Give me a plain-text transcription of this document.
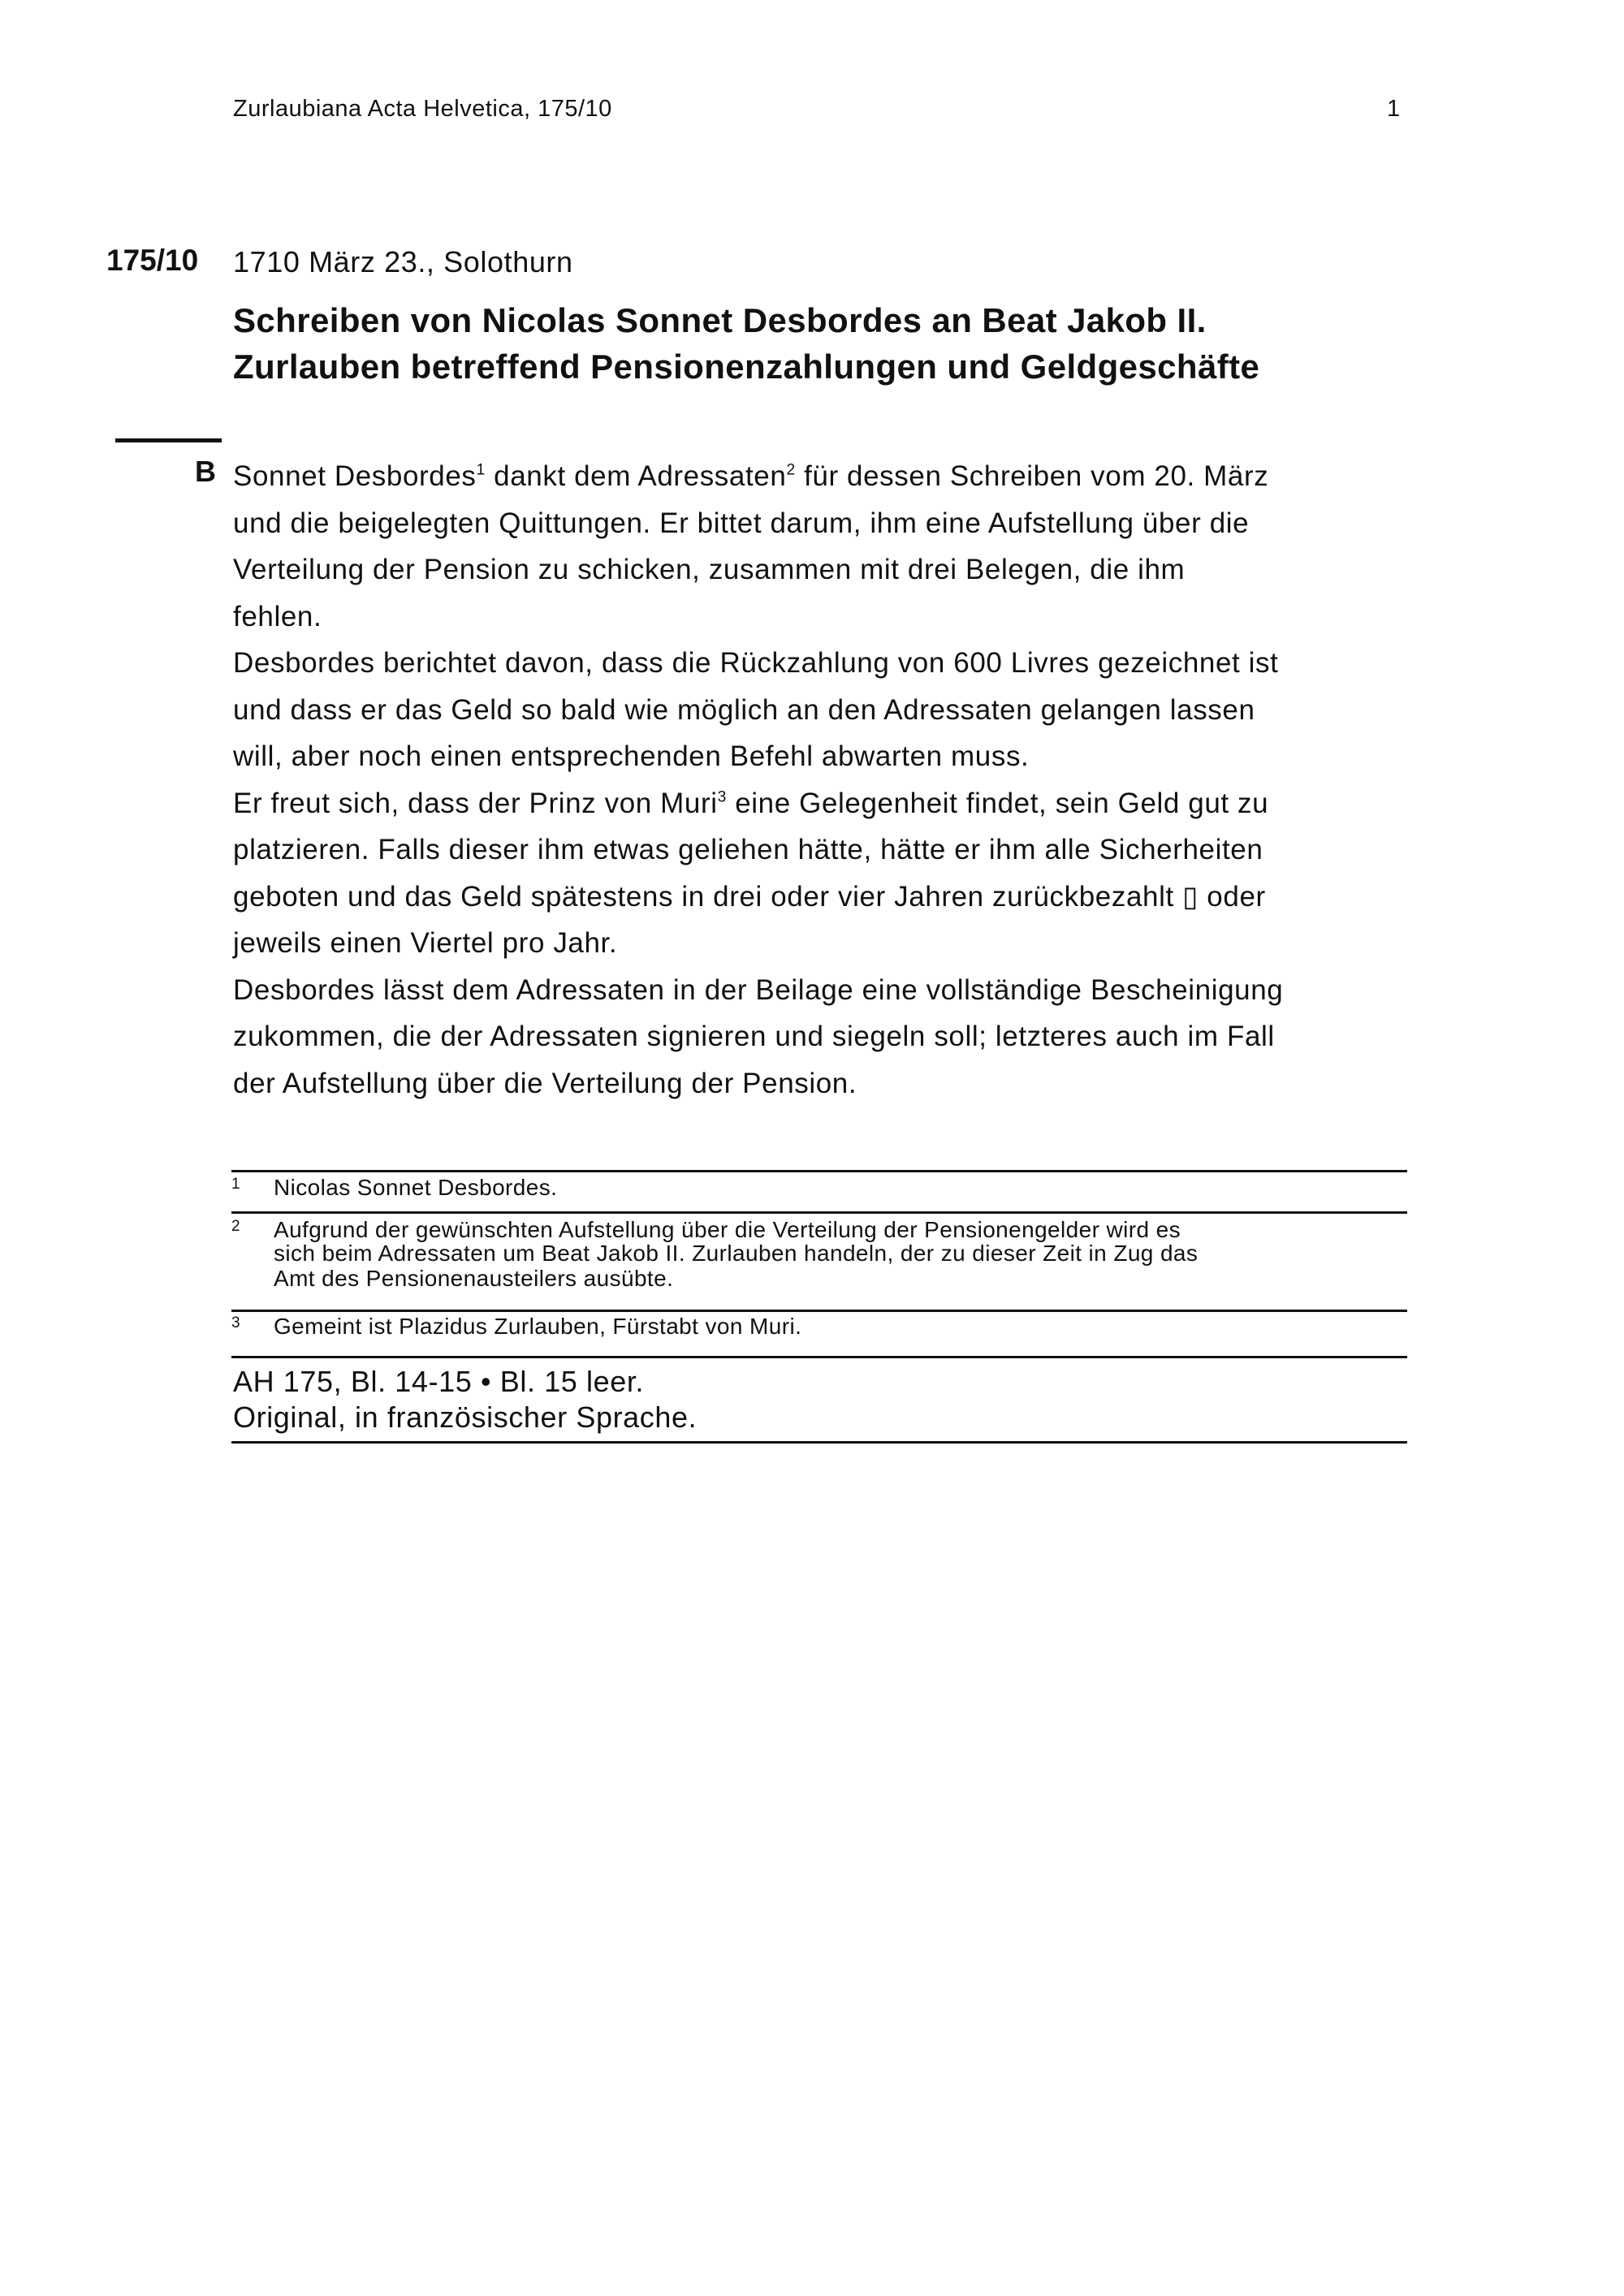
Zurlaubiana Acta Helvetica, 175/10	1
175/10 1710 März 23., Solothurn
Schreiben von Nicolas Sonnet Desbordes an Beat Jakob II.
Zurlauben betreffend Pensionenzahlungen und Geldgeschäfte
B Sonnet Desbordes$^1$ dankt dem Adressaten$^2$ für dessen Schreiben vom 20. März
und die beigelegten Quittungen. Er bittet darum, ihm eine Aufstellung über die
Verteilung der Pension zu schicken, zusammen mit drei Belegen, die ihm
fehlen.
Desbordes berichtet davon, dass die Rückzahlung von 600 Livres gezeichnet ist
und dass er das Geld so bald wie möglich an den Adressaten gelangen lassen
will, aber noch einen entsprechenden Befehl abwarten muss.
Er freut sich, dass der Prinz von Muri$^3$ eine Gelegenheit findet, sein Geld gut zu
platzieren. Falls dieser ihm etwas geliehen hätte, hätte er ihm alle Sicherheiten
geboten und das Geld spätestens in drei oder vier Jahren zurückbezahlt ▯ oder
jeweils einen Viertel pro Jahr.
Desbordes lässt dem Adressaten in der Beilage eine vollständige Bescheinigung
zukommen, die der Adressaten signieren und siegeln soll; letzteres auch im Fall
der Aufstellung über die Verteilung der Pension.
1 Nicolas Sonnet Desbordes.
2 Aufgrund der gewünschten Aufstellung über die Verteilung der Pensionengelder wird es
sich beim Adressaten um Beat Jakob II. Zurlauben handeln, der zu dieser Zeit in Zug das
Amt des Pensionenausteilers ausübte.
3 Gemeint ist Plazidus Zurlauben, Fürstabt von Muri.
AH 175, Bl. 14-15 • Bl. 15 leer.
Original, in französischer Sprache.
